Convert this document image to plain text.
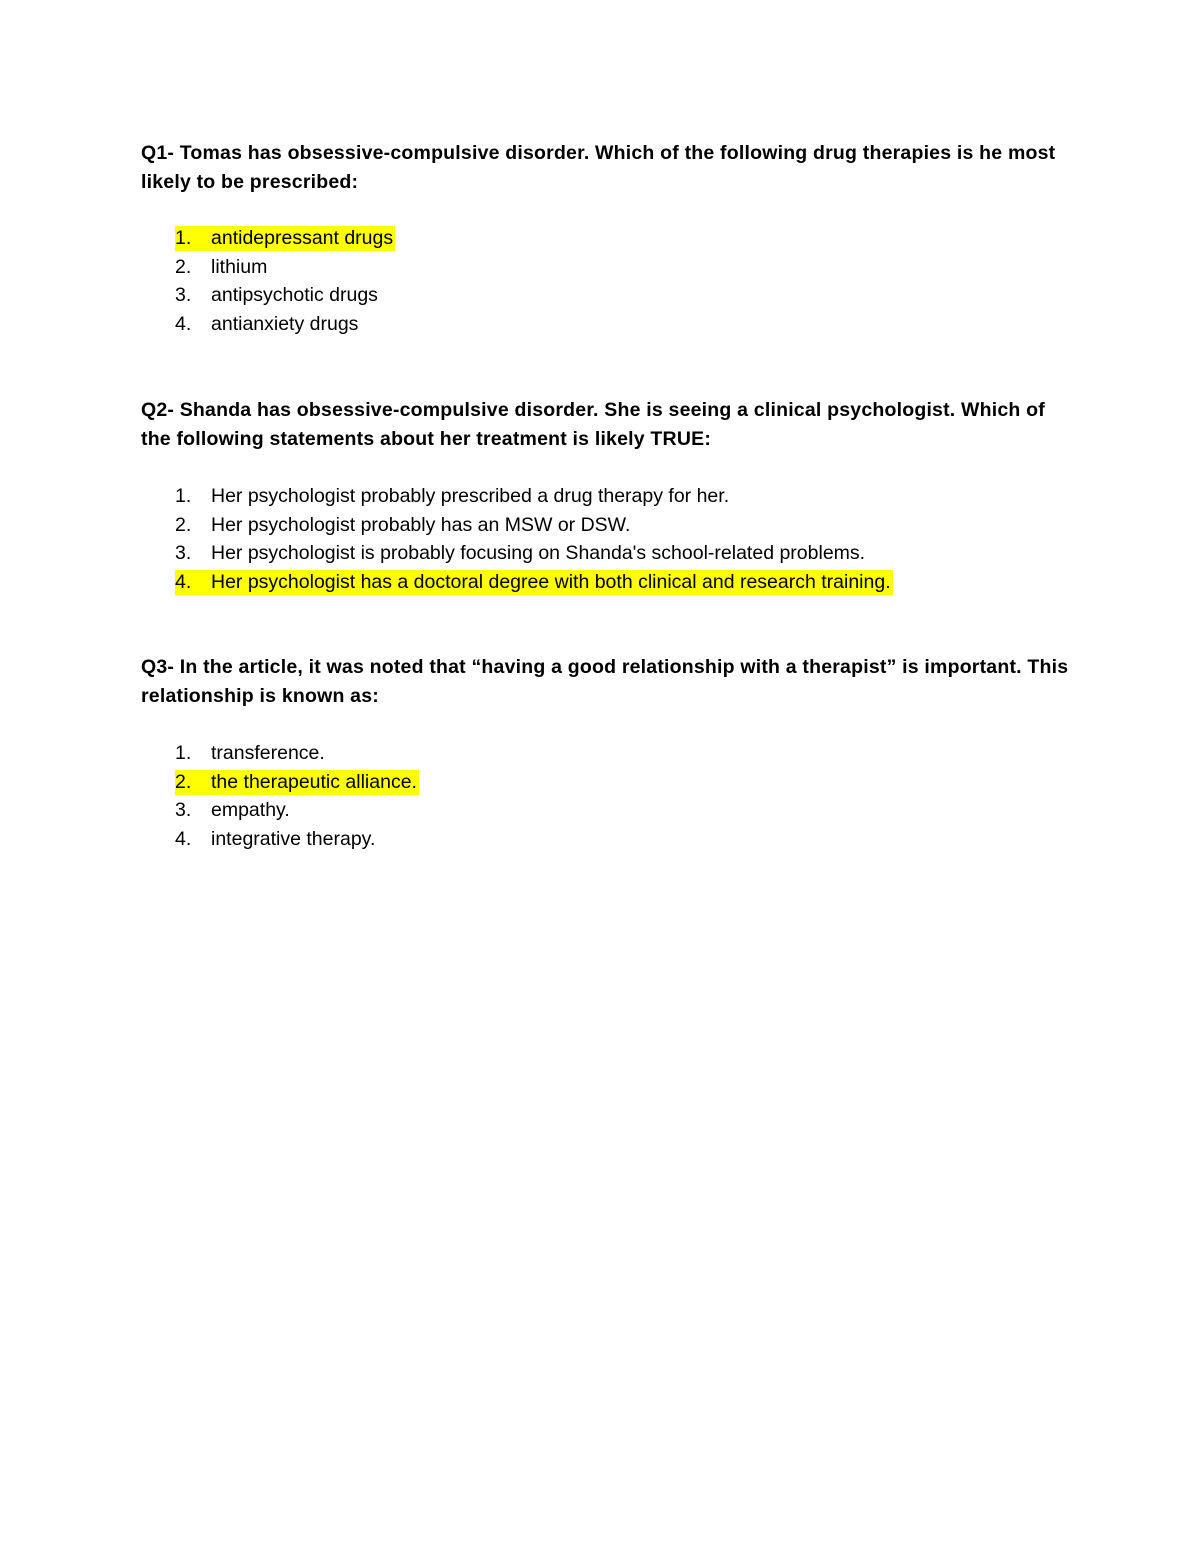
Q1- Tomas has obsessive-compulsive disorder. Which of the following drug therapies is he most likely to be prescribed:

1. antidepressant drugs
2. lithium
3. antipsychotic drugs
4. antianxiety drugs

Q2- Shanda has obsessive-compulsive disorder. She is seeing a clinical psychologist. Which of the following statements about her treatment is likely TRUE:

1. Her psychologist probably prescribed a drug therapy for her.
2. Her psychologist probably has an MSW or DSW.
3. Her psychologist is probably focusing on Shanda's school-related problems.
4. Her psychologist has a doctoral degree with both clinical and research training.

Q3- In the article, it was noted that “having a good relationship with a therapist” is important. This relationship is known as:

1. transference.
2. the therapeutic alliance.
3. empathy.
4. integrative therapy.
